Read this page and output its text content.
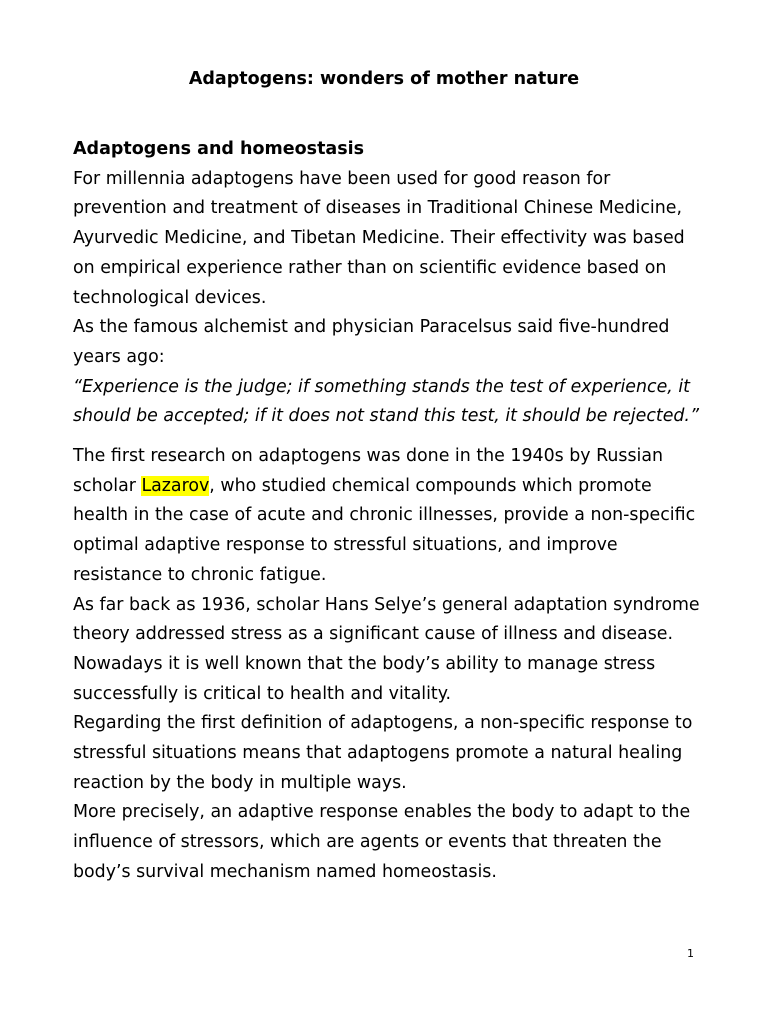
Adaptogens: wonders of mother nature
Adaptogens and homeostasis

For millennia adaptogens have been used for good reason for prevention and treatment of diseases in Traditional Chinese Medicine, Ayurvedic Medicine, and Tibetan Medicine. Their effectivity was based on empirical experience rather than on scientific evidence based on technological devices.

As the famous alchemist and physician Paracelsus said five-hundred years ago:

“Experience is the judge; if something stands the test of experience, it should be accepted; if it does not stand this test, it should be rejected.”

The first research on adaptogens was done in the 1940s by Russian scholar Lazarov, who studied chemical compounds which promote health in the case of acute and chronic illnesses, provide a non-specific optimal adaptive response to stressful situations, and improve resistance to chronic fatigue.

As far back as 1936, scholar Hans Selye’s general adaptation syndrome theory addressed stress as a significant cause of illness and disease.

Nowadays it is well known that the body’s ability to manage stress successfully is critical to health and vitality.

Regarding the first definition of adaptogens, a non-specific response to stressful situations means that adaptogens promote a natural healing reaction by the body in multiple ways.

More precisely, an adaptive response enables the body to adapt to the influence of stressors, which are agents or events that threaten the body’s survival mechanism named homeostasis.

1
